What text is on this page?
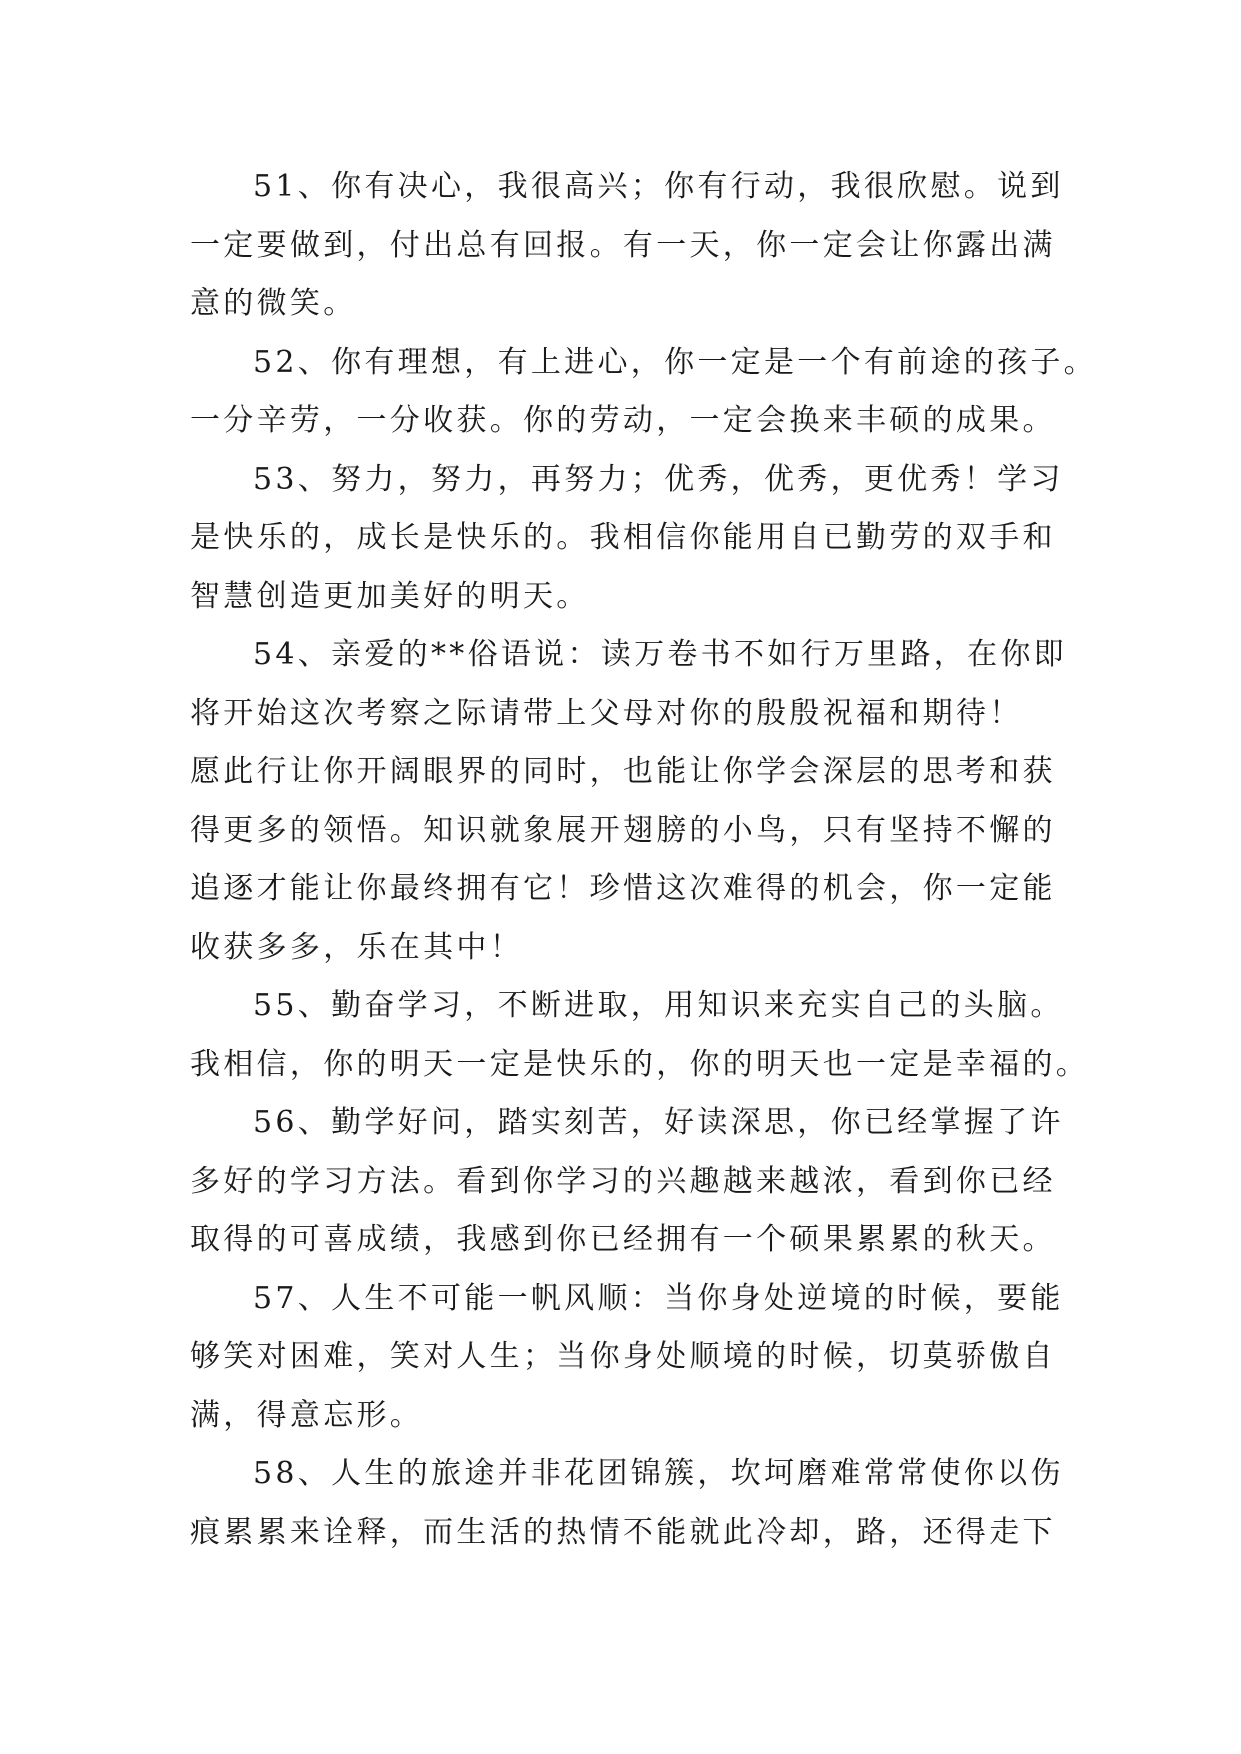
51、你有决心，我很高兴；你有行动，我很欣慰。说到
一定要做到，付出总有回报。有一天，你一定会让你露出满
意的微笑。

52、你有理想，有上进心，你一定是一个有前途的孩子。
一分辛劳，一分收获。你的劳动，一定会换来丰硕的成果。

53、努力，努力，再努力；优秀，优秀，更优秀！学习
是快乐的，成长是快乐的。我相信你能用自已勤劳的双手和
智慧创造更加美好的明天。

54、亲爱的**俗语说：读万卷书不如行万里路，在你即
将开始这次考察之际请带上父母对你的殷殷祝福和期待！
愿此行让你开阔眼界的同时，也能让你学会深层的思考和获
得更多的领悟。知识就象展开翅膀的小鸟，只有坚持不懈的
追逐才能让你最终拥有它！珍惜这次难得的机会，你一定能
收获多多，乐在其中！

55、勤奋学习，不断进取，用知识来充实自己的头脑。
我相信，你的明天一定是快乐的，你的明天也一定是幸福的。

56、勤学好问，踏实刻苦，好读深思，你已经掌握了许
多好的学习方法。看到你学习的兴趣越来越浓，看到你已经
取得的可喜成绩，我感到你已经拥有一个硕果累累的秋天。

57、人生不可能一帆风顺：当你身处逆境的时候，要能
够笑对困难，笑对人生；当你身处顺境的时候，切莫骄傲自
满，得意忘形。

58、人生的旅途并非花团锦簇，坎坷磨难常常使你以伤
痕累累来诠释，而生活的热情不能就此冷却，路，还得走下
